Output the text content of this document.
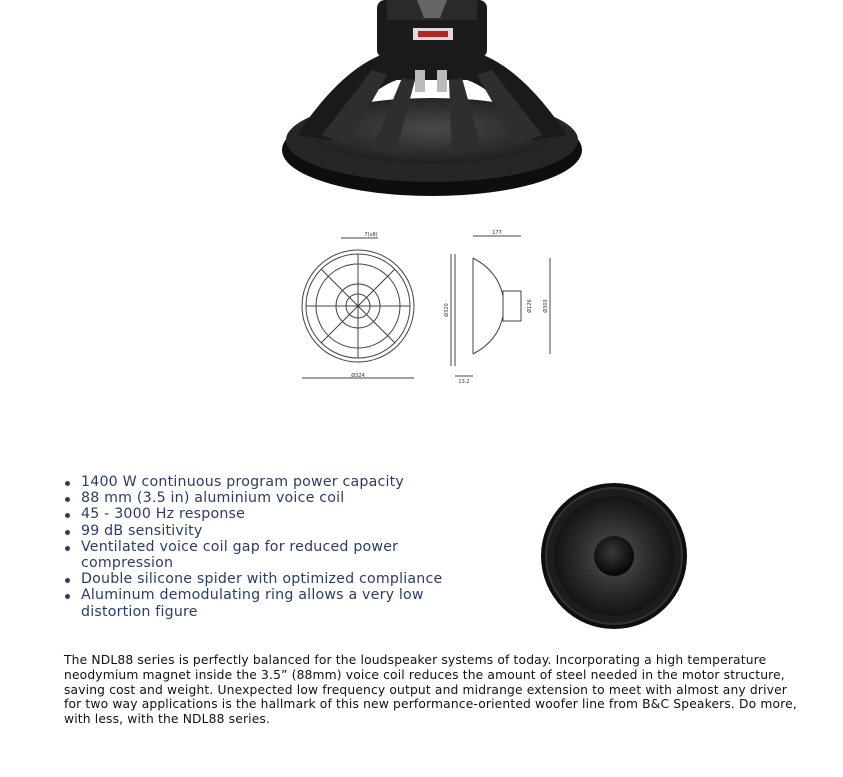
7(x8)
Ø324
177
Ø320	Ø126 Ø303
13.2
1400 W continuous program power capacity
88 mm (3.5 in) aluminium voice coil
45 - 3000 Hz response
99 dB sensitivity
Ventilated voice coil gap for reduced power compression
Double silicone spider with optimized compliance
Aluminum demodulating ring allows a very low distortion figure

The NDL88 series is perfectly balanced for the loudspeaker systems of today. Incorporating a high temperature neodymium magnet inside the 3.5” (88mm) voice coil reduces the amount of steel needed in the motor structure, saving cost and weight. Unexpected low frequency output and midrange extension to meet with almost any driver for two way applications is the hallmark of this new performance-oriented woofer line from B&C Speakers. Do more, with less, with the NDL88 series.
